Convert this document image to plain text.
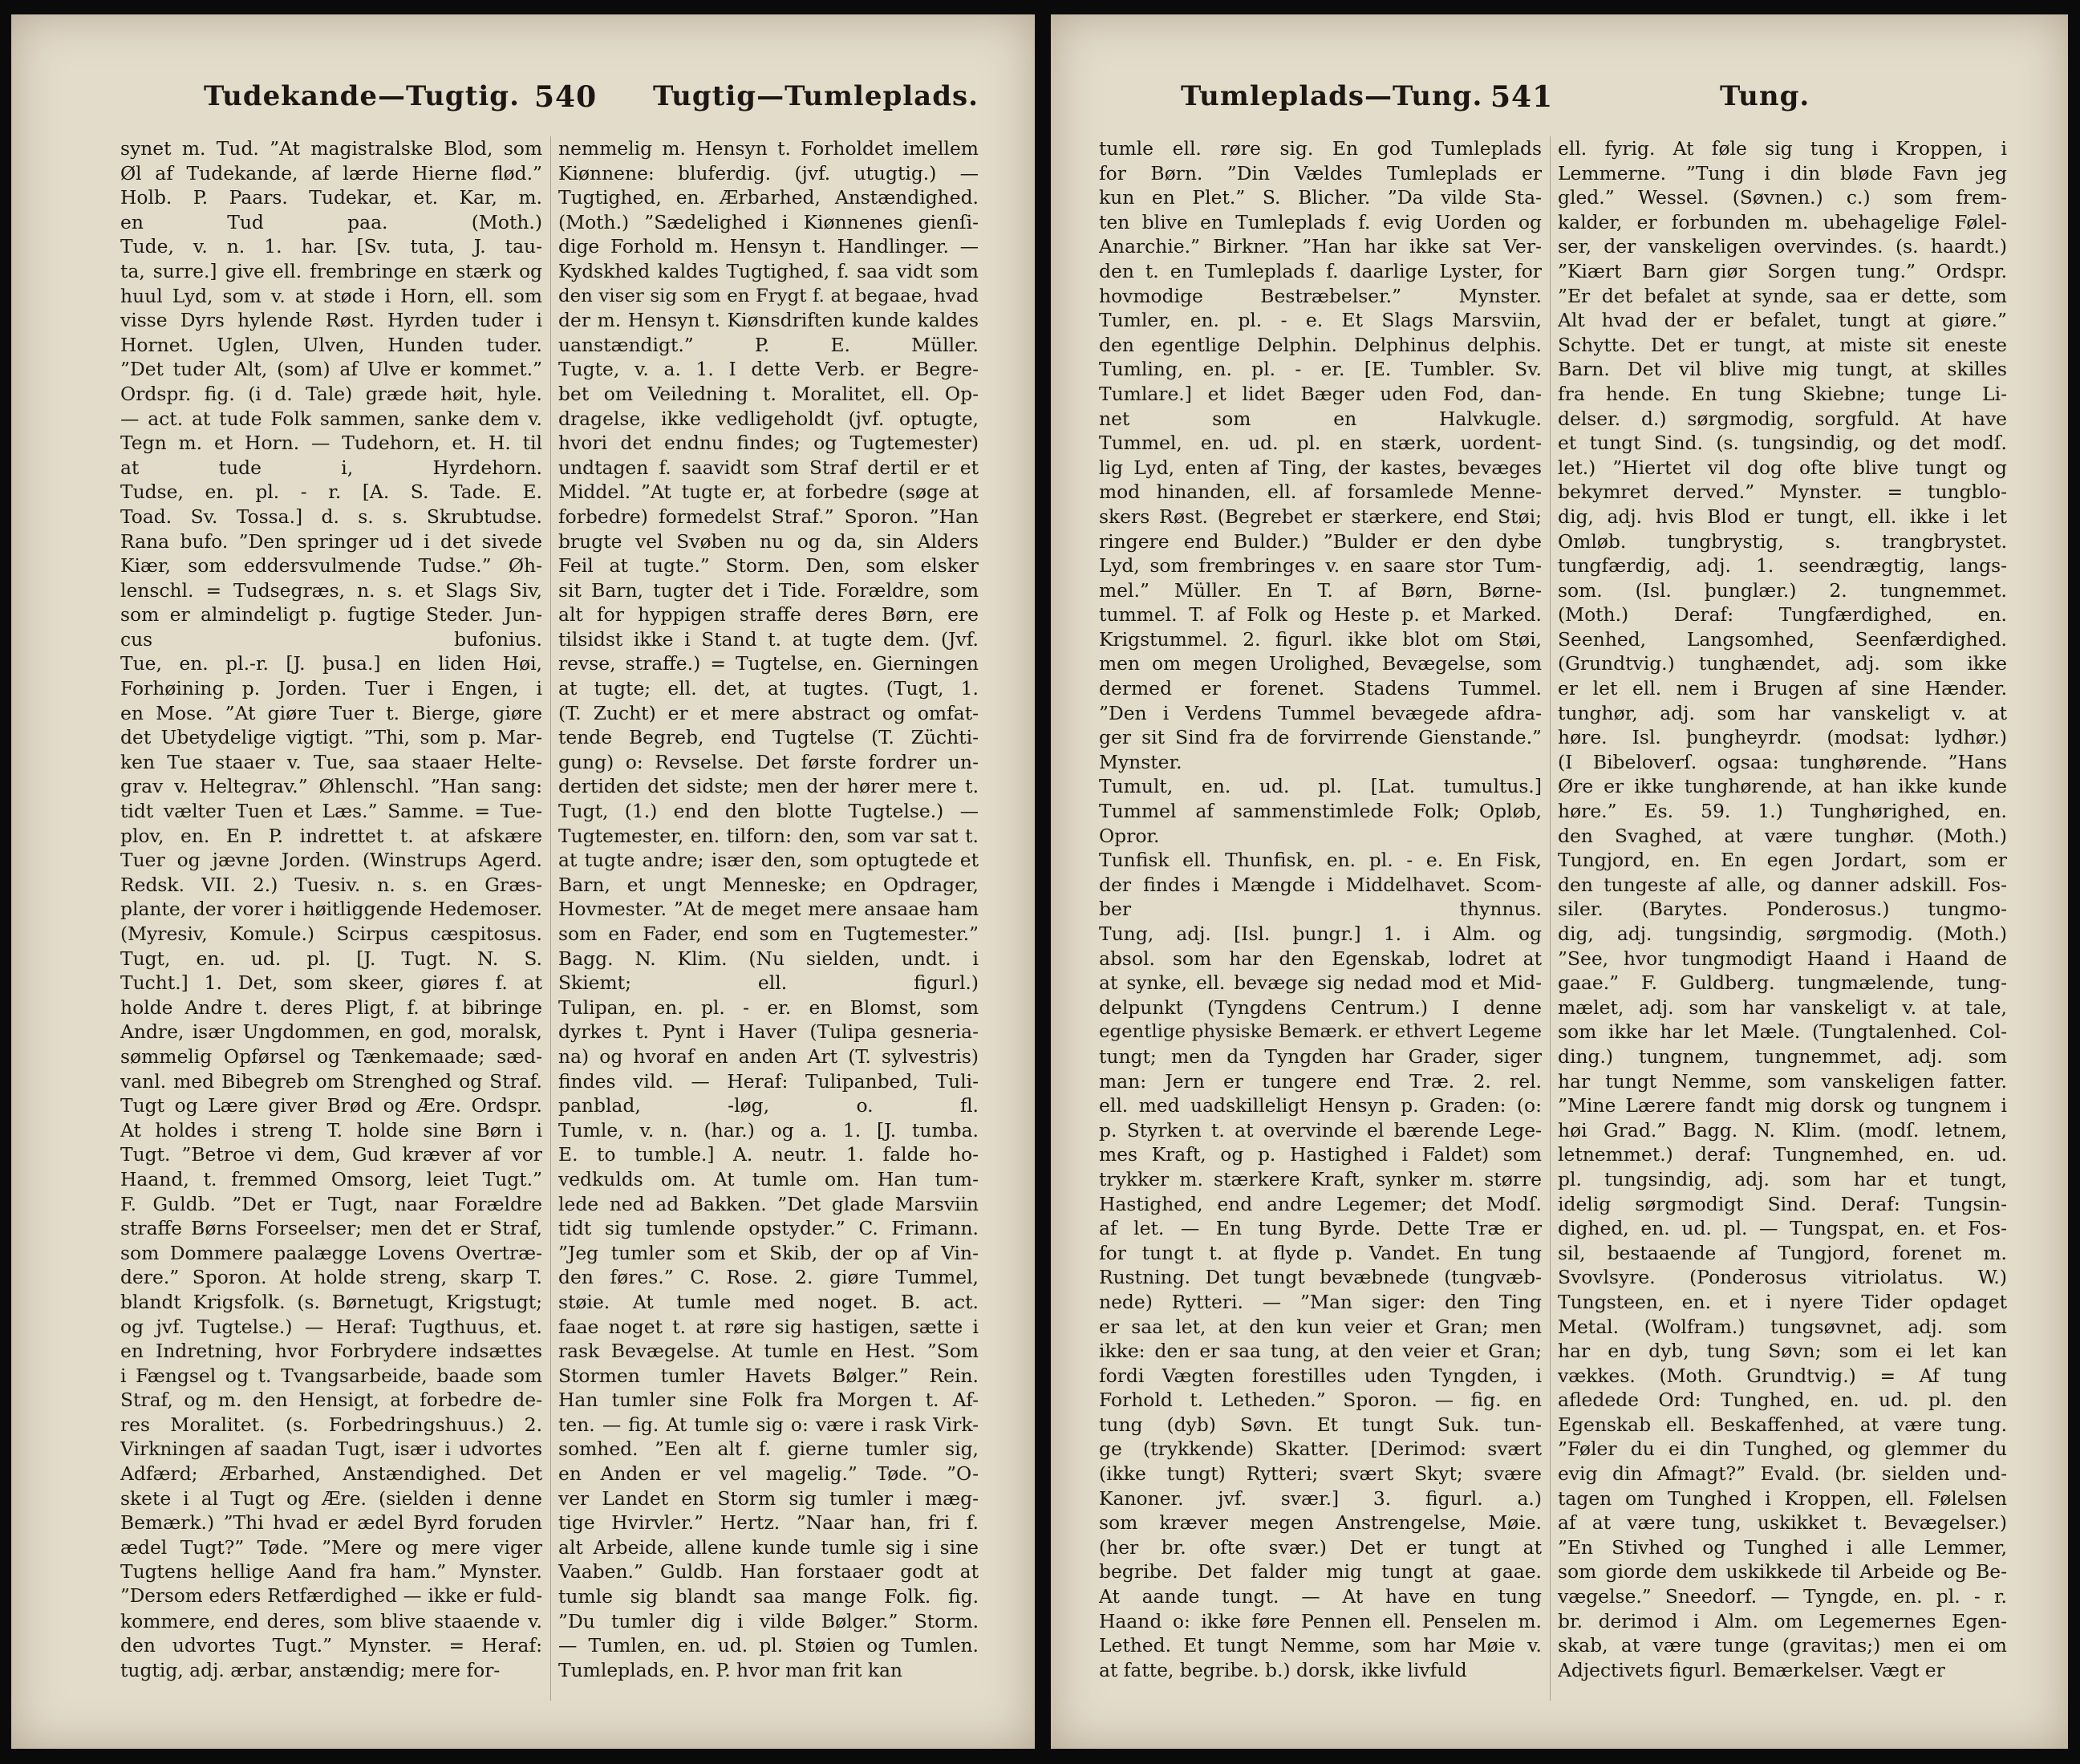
Tudekande—Tugtig. 540 Tugtig—Tumleplads.
synet m. Tud. ”At magistralske Blod, som
Øl af Tudekande, af lærde Hierne flød.”
Holb. P. Paars. Tudekar, et. Kar, m.
en Tud paa. (Moth.)
Tude, v. n. 1. har. [Sv. tuta, J. tau-
ta, surre.] give ell. frembringe en stærk og
huul Lyd, som v. at støde i Horn, ell. som
visse Dyrs hylende Røst. Hyrden tuder i
Hornet. Uglen, Ulven, Hunden tuder.
”Det tuder Alt, (som) af Ulve er kommet.”
Ordspr. fig. (i d. Tale) græde høit, hyle.
— act. at tude Folk sammen, sanke dem v.
Tegn m. et Horn. — Tudehorn, et. H. til
at tude i, Hyrdehorn.
Tudse, en. pl. - r. [A. S. Tade. E.
Toad. Sv. Tossa.] d. s. s. Skrubtudse.
Rana bufo. ”Den springer ud i det sivede
Kiær, som eddersvulmende Tudse.” Øh-
lenschl. = Tudsegræs, n. s. et Slags Siv,
som er almindeligt p. fugtige Steder. Jun-
cus bufonius.
Tue, en. pl.-r. [J. þusa.] en liden Høi,
Forhøining p. Jorden. Tuer i Engen, i
en Mose. ”At giøre Tuer t. Bierge, giøre
det Ubetydelige vigtigt. ”Thi, som p. Mar-
ken Tue staaer v. Tue, saa staaer Helte-
grav v. Heltegrav.” Øhlenschl. ”Han sang:
tidt vælter Tuen et Læs.” Samme. = Tue-
plov, en. En P. indrettet t. at afskære
Tuer og jævne Jorden. (Winstrups Agerd.
Redsk. VII. 2.) Tuesiv. n. s. en Græs-
plante, der vorer i høitliggende Hedemoser.
(Myresiv, Komule.) Scirpus cæspitosus.
Tugt, en. ud. pl. [J. Tugt. N. S.
Tucht.] 1. Det, som skeer, giøres f. at
holde Andre t. deres Pligt, f. at bibringe
Andre, især Ungdommen, en god, moralsk,
sømmelig Opførsel og Tænkemaade; sæd-
vanl. med Bibegreb om Strenghed og Straf.
Tugt og Lære giver Brød og Ære. Ordspr.
At holdes i streng T. holde sine Børn i
Tugt. ”Betroe vi dem, Gud kræver af vor
Haand, t. fremmed Omsorg, leiet Tugt.”
F. Guldb. ”Det er Tugt, naar Forældre
straffe Børns Forseelser; men det er Straf,
som Dommere paalægge Lovens Overtræ-
dere.” Sporon. At holde streng, skarp T.
blandt Krigsfolk. (s. Børnetugt, Krigstugt;
og jvf. Tugtelse.) — Heraf: Tugthuus, et.
en Indretning, hvor Forbrydere indsættes
i Fængsel og t. Tvangsarbeide, baade som
Straf, og m. den Hensigt, at forbedre de-
res Moralitet. (s. Forbedringshuus.) 2.
Virkningen af saadan Tugt, især i udvortes
Adfærd; Ærbarhed, Anstændighed. Det
skete i al Tugt og Ære. (sielden i denne
Bemærk.) ”Thi hvad er ædel Byrd foruden
ædel Tugt?” Tøde. ”Mere og mere viger
Tugtens hellige Aand fra ham.” Mynster.
”Dersom eders Retfærdighed — ikke er fuld-
kommere, end deres, som blive staaende v.
den udvortes Tugt.” Mynster. = Heraf:
tugtig, adj. ærbar, anstændig; mere for-
nemmelig m. Hensyn t. Forholdet imellem
Kiønnene: bluferdig. (jvf. utugtig.) —
Tugtighed, en. Ærbarhed, Anstændighed.
(Moth.) ”Sædelighed i Kiønnenes gienſi-
dige Forhold m. Hensyn t. Handlinger. —
Kydskhed kaldes Tugtighed, f. saa vidt som
den viser sig som en Frygt f. at begaae, hvad
der m. Hensyn t. Kiønsdriften kunde kaldes
uanstændigt.” P. E. Müller.
Tugte, v. a. 1. I dette Verb. er Begre-
bet om Veiledning t. Moralitet, ell. Op-
dragelse, ikke vedligeholdt (jvf. optugte,
hvori det endnu findes; og Tugtemester)
undtagen f. saavidt som Straf dertil er et
Middel. ”At tugte er, at forbedre (søge at
forbedre) formedelst Straf.” Sporon. ”Han
brugte vel Svøben nu og da, sin Alders
Feil at tugte.” Storm. Den, som elsker
sit Barn, tugter det i Tide. Forældre, som
alt for hyppigen straffe deres Børn, ere
tilsidst ikke i Stand t. at tugte dem. (Jvf.
revse, straffe.) = Tugtelse, en. Gierningen
at tugte; ell. det, at tugtes. (Tugt, 1.
(T. Zucht) er et mere abstract og omfat-
tende Begreb, end Tugtelse (T. Züchti-
gung) o: Revselse. Det første fordrer un-
dertiden det sidste; men der hører mere t.
Tugt, (1.) end den blotte Tugtelse.) —
Tugtemester, en. tilforn: den, som var sat t.
at tugte andre; især den, som optugtede et
Barn, et ungt Menneske; en Opdrager,
Hovmester. ”At de meget mere ansaae ham
som en Fader, end som en Tugtemester.”
Bagg. N. Klim. (Nu sielden, undt. i
Skiemt; ell. figurl.)
Tulipan, en. pl. - er. en Blomst, som
dyrkes t. Pynt i Haver (Tulipa gesneria-
na) og hvoraf en anden Art (T. sylvestris)
findes vild. — Heraf: Tulipanbed, Tuli-
panblad, -løg, o. fl.
Tumle, v. n. (har.) og a. 1. [J. tumba.
E. to tumble.] A. neutr. 1. falde ho-
vedkulds om. At tumle om. Han tum-
lede ned ad Bakken. ”Det glade Marsviin
tidt sig tumlende opstyder.” C. Frimann.
”Jeg tumler som et Skib, der op af Vin-
den føres.” C. Rose. 2. giøre Tummel,
støie. At tumle med noget. B. act.
faae noget t. at røre sig hastigen, sætte i
rask Bevægelse. At tumle en Hest. ”Som
Stormen tumler Havets Bølger.” Rein.
Han tumler sine Folk fra Morgen t. Af-
ten. — fig. At tumle sig o: være i rask Virk-
somhed. ”Een alt f. gierne tumler sig,
en Anden er vel magelig.” Tøde. ”O-
ver Landet en Storm sig tumler i mæg-
tige Hvirvler.” Hertz. ”Naar han, fri f.
alt Arbeide, allene kunde tumle sig i sine
Vaaben.” Guldb. Han forstaaer godt at
tumle sig blandt saa mange Folk. fig.
”Du tumler dig i vilde Bølger.” Storm.
— Tumlen, en. ud. pl. Støien og Tumlen.
Tumleplads, en. P. hvor man frit kan
Tumleplads—Tung. 541	Tung.
tumle ell. røre sig. En god Tumleplads
for Børn. ”Din Vældes Tumleplads er
kun en Plet.” S. Blicher. ”Da vilde Sta-
ten blive en Tumleplads f. evig Uorden og
Anarchie.” Birkner. ”Han har ikke sat Ver-
den t. en Tumleplads f. daarlige Lyster, for
hovmodige Bestræbelser.” Mynster.
Tumler, en. pl. - e. Et Slags Marsviin,
den egentlige Delphin. Delphinus delphis.
Tumling, en. pl. - er. [E. Tumbler. Sv.
Tumlare.] et lidet Bæger uden Fod, dan-
net som en Halvkugle.
Tummel, en. ud. pl. en stærk, uordent-
lig Lyd, enten af Ting, der kastes, bevæges
mod hinanden, ell. af forsamlede Menne-
skers Røst. (Begrebet er stærkere, end Støi;
ringere end Bulder.) ”Bulder er den dybe
Lyd, som frembringes v. en saare stor Tum-
mel.” Müller. En T. af Børn, Børne-
tummel. T. af Folk og Heste p. et Marked.
Krigstummel. 2. figurl. ikke blot om Støi,
men om megen Urolighed, Bevægelse, som
dermed er forenet. Stadens Tummel.
”Den i Verdens Tummel bevægede afdra-
ger sit Sind fra de forvirrende Gienstande.”
Mynster.
Tumult, en. ud. pl. [Lat. tumultus.]
Tummel af sammenstimlede Folk; Opløb,
Opror.
Tunfisk ell. Thunfisk, en. pl. - e. En Fisk,
der findes i Mængde i Middelhavet. Scom-
ber thynnus.
Tung, adj. [Isl. þungr.] 1. i Alm. og
absol. som har den Egenskab, lodret at
at synke, ell. bevæge sig nedad mod et Mid-
delpunkt (Tyngdens Centrum.) I denne
egentlige physiske Bemærk. er ethvert Legeme
tungt; men da Tyngden har Grader, siger
man: Jern er tungere end Træ. 2. rel.
ell. med uadskilleligt Hensyn p. Graden: (o:
p. Styrken t. at overvinde el bærende Lege-
mes Kraft, og p. Hastighed i Faldet) som
trykker m. stærkere Kraft, synker m. større
Hastighed, end andre Legemer; det Modſ.
af let. — En tung Byrde. Dette Træ er
for tungt t. at flyde p. Vandet. En tung
Rustning. Det tungt bevæbnede (tungvæb-
nede) Rytteri. — ”Man siger: den Ting
er saa let, at den kun veier et Gran; men
ikke: den er saa tung, at den veier et Gran;
fordi Vægten forestilles uden Tyngden, i
Forhold t. Letheden.” Sporon. — fig. en
tung (dyb) Søvn. Et tungt Suk. tun-
ge (trykkende) Skatter. [Derimod: svært
(ikke tungt) Rytteri; svært Skyt; svære
Kanoner. jvf. svær.] 3. figurl. a.)
som kræver megen Anstrengelse, Møie.
(her br. ofte svær.) Det er tungt at
begribe. Det falder mig tungt at gaae.
At aande tungt. — At have en tung
Haand o: ikke føre Pennen ell. Penselen m.
Lethed. Et tungt Nemme, som har Møie v.
at fatte, begribe. b.) dorsk, ikke livfuld
ell. fyrig. At føle sig tung i Kroppen, i
Lemmerne. ”Tung i din bløde Favn jeg
gled.” Wessel. (Søvnen.) c.) som frem-
kalder, er forbunden m. ubehagelige Følel-
ser, der vanskeligen overvindes. (s. haardt.)
”Kiært Barn giør Sorgen tung.” Ordspr.
”Er det befalet at synde, saa er dette, som
Alt hvad der er befalet, tungt at giøre.”
Schytte. Det er tungt, at miste sit eneste
Barn. Det vil blive mig tungt, at skilles
fra hende. En tung Skiebne; tunge Li-
delser. d.) sørgmodig, sorgfuld. At have
et tungt Sind. (s. tungsindig, og det modſ.
let.) ”Hiertet vil dog ofte blive tungt og
bekymret derved.” Mynster. = tungblo-
dig, adj. hvis Blod er tungt, ell. ikke i let
Omløb. tungbrystig, s. trangbrystet.
tungfærdig, adj. 1. seendrægtig, langs-
som. (Isl. þunglær.) 2. tungnemmet.
(Moth.) Deraf: Tungfærdighed, en.
Seenhed, Langsomhed, Seenfærdighed.
(Grundtvig.) tunghændet, adj. som ikke
er let ell. nem i Brugen af sine Hænder.
tunghør, adj. som har vanskeligt v. at
høre. Isl. þungheyrdr. (modsat: lydhør.)
(I Bibeloverſ. ogsaa: tunghørende. ”Hans
Øre er ikke tunghørende, at han ikke kunde
høre.” Es. 59. 1.) Tunghørighed, en.
den Svaghed, at være tunghør. (Moth.)
Tungjord, en. En egen Jordart, som er
den tungeste af alle, og danner adskill. Fos-
siler. (Barytes. Ponderosus.) tungmo-
dig, adj. tungsindig, sørgmodig. (Moth.)
”See, hvor tungmodigt Haand i Haand de
gaae.” F. Guldberg. tungmælende, tung-
mælet, adj. som har vanskeligt v. at tale,
som ikke har let Mæle. (Tungtalenhed. Col-
ding.) tungnem, tungnemmet, adj. som
har tungt Nemme, som vanskeligen fatter.
”Mine Lærere fandt mig dorsk og tungnem i
høi Grad.” Bagg. N. Klim. (modſ. letnem,
letnemmet.) deraf: Tungnemhed, en. ud.
pl. tungsindig, adj. som har et tungt,
idelig sørgmodigt Sind. Deraf: Tungsin-
dighed, en. ud. pl. — Tungspat, en. et Fos-
sil, bestaaende af Tungjord, forenet m.
Svovlsyre. (Ponderosus vitriolatus. W.)
Tungsteen, en. et i nyere Tider opdaget
Metal. (Wolfram.) tungsøvnet, adj. som
har en dyb, tung Søvn; som ei let kan
vækkes. (Moth. Grundtvig.) = Af tung
afledede Ord: Tunghed, en. ud. pl. den
Egenskab ell. Beskaffenhed, at være tung.
”Føler du ei din Tunghed, og glemmer du
evig din Afmagt?” Evald. (br. sielden und-
tagen om Tunghed i Kroppen, ell. Følelsen
af at være tung, uskikket t. Bevægelser.)
”En Stivhed og Tunghed i alle Lemmer,
som giorde dem uskikkede til Arbeide og Be-
vægelse.” Sneedorf. — Tyngde, en. pl. - r.
br. derimod i Alm. om Legemernes Egen-
skab, at være tunge (gravitas;) men ei om
Adjectivets figurl. Bemærkelser. Vægt er
